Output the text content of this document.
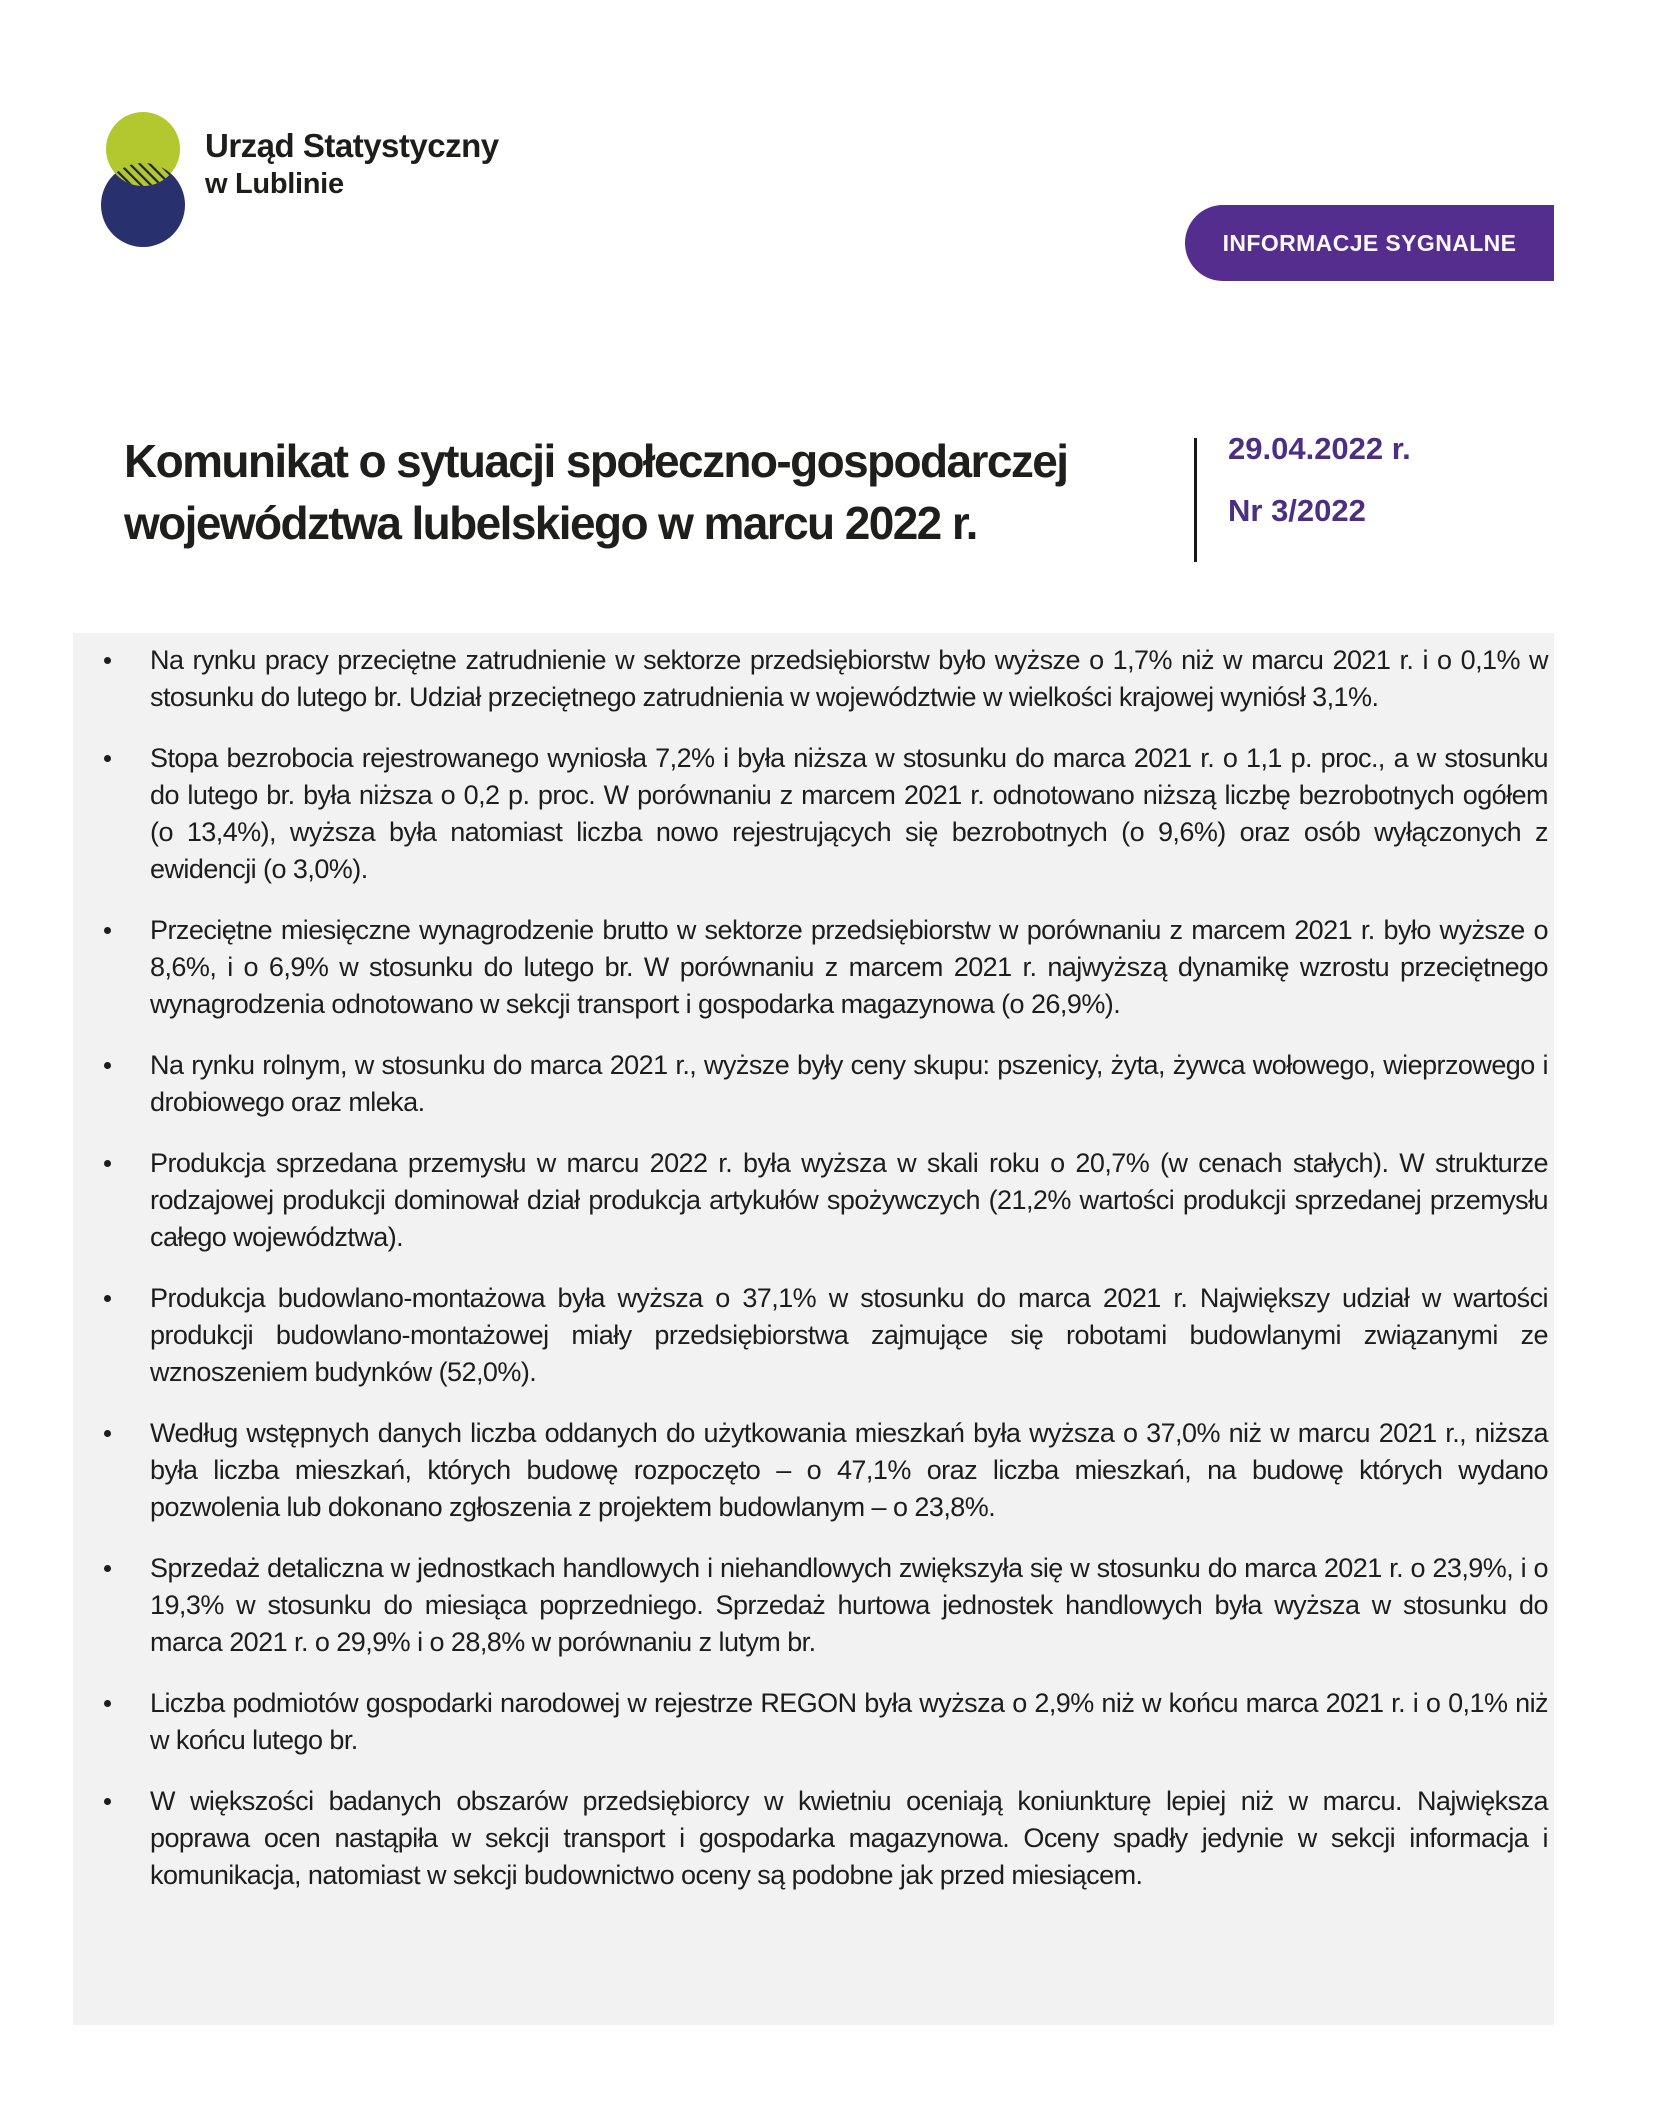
Urząd Statystyczny
w Lublinie
INFORMACJE SYGNALNE
Komunikat o sytuacji społeczno-gospodarczej
województwa lubelskiego w marcu 2022 r.
29.04.2022 r.
Nr 3/2022
Na rynku pracy przeciętne zatrudnienie w sektorze przedsiębiorstw było wyższe o 1,7% niż w marcu 2021 r. i o 0,1% w stosunku do lutego br. Udział przeciętnego zatrudnienia w województwie w wielkości krajowej wyniósł 3,1%.
Stopa bezrobocia rejestrowanego wyniosła 7,2% i była niższa w stosunku do marca 2021 r. o 1,1 p. proc., a w stosunku do lutego br. była niższa o 0,2 p. proc. W porównaniu z marcem 2021 r. odnotowano niższą liczbę bezrobotnych ogółem (o 13,4%), wyższa była natomiast liczba nowo rejestrujących się bezrobotnych (o 9,6%) oraz osób wyłączonych z ewidencji (o 3,0%).
Przeciętne miesięczne wynagrodzenie brutto w sektorze przedsiębiorstw w porównaniu z marcem 2021 r. było wyższe o 8,6%, i o 6,9% w stosunku do lutego br. W porównaniu z marcem 2021 r. najwyższą dynamikę wzrostu przeciętnego wynagrodzenia odnotowano w sekcji transport i gospodarka magazynowa (o 26,9%).
Na rynku rolnym, w stosunku do marca 2021 r., wyższe były ceny skupu: pszenicy, żyta, żywca wołowego, wieprzowego i drobiowego oraz mleka.
Produkcja sprzedana przemysłu w marcu 2022 r. była wyższa w skali roku o 20,7% (w cenach stałych). W strukturze rodzajowej produkcji dominował dział produkcja artykułów spożywczych (21,2% wartości produkcji sprzedanej przemysłu całego województwa).
Produkcja budowlano-montażowa była wyższa o 37,1% w stosunku do marca 2021 r. Największy udział w wartości produkcji budowlano-montażowej miały przedsiębiorstwa zajmujące się robotami budowlanymi związanymi ze wznoszeniem budynków (52,0%).
Według wstępnych danych liczba oddanych do użytkowania mieszkań była wyższa o 37,0% niż w marcu 2021 r., niższa była liczba mieszkań, których budowę rozpoczęto – o 47,1% oraz liczba mieszkań, na budowę których wydano pozwolenia lub dokonano zgłoszenia z projektem budowlanym – o 23,8%.
Sprzedaż detaliczna w jednostkach handlowych i niehandlowych zwiększyła się w stosunku do marca 2021 r. o 23,9%, i o 19,3% w stosunku do miesiąca poprzedniego. Sprzedaż hurtowa jednostek handlowych była wyższa w stosunku do marca 2021 r. o 29,9% i o 28,8% w porównaniu z lutym br.
Liczba podmiotów gospodarki narodowej w rejestrze REGON była wyższa o 2,9% niż w końcu marca 2021 r. i o 0,1% niż w końcu lutego br.
W większości badanych obszarów przedsiębiorcy w kwietniu oceniają koniunkturę lepiej niż w marcu. Największa poprawa ocen nastąpiła w sekcji transport i gospodarka magazynowa. Oceny spadły jedynie w sekcji informacja i komunikacja, natomiast w sekcji budownictwo oceny są podobne jak przed miesiącem.
